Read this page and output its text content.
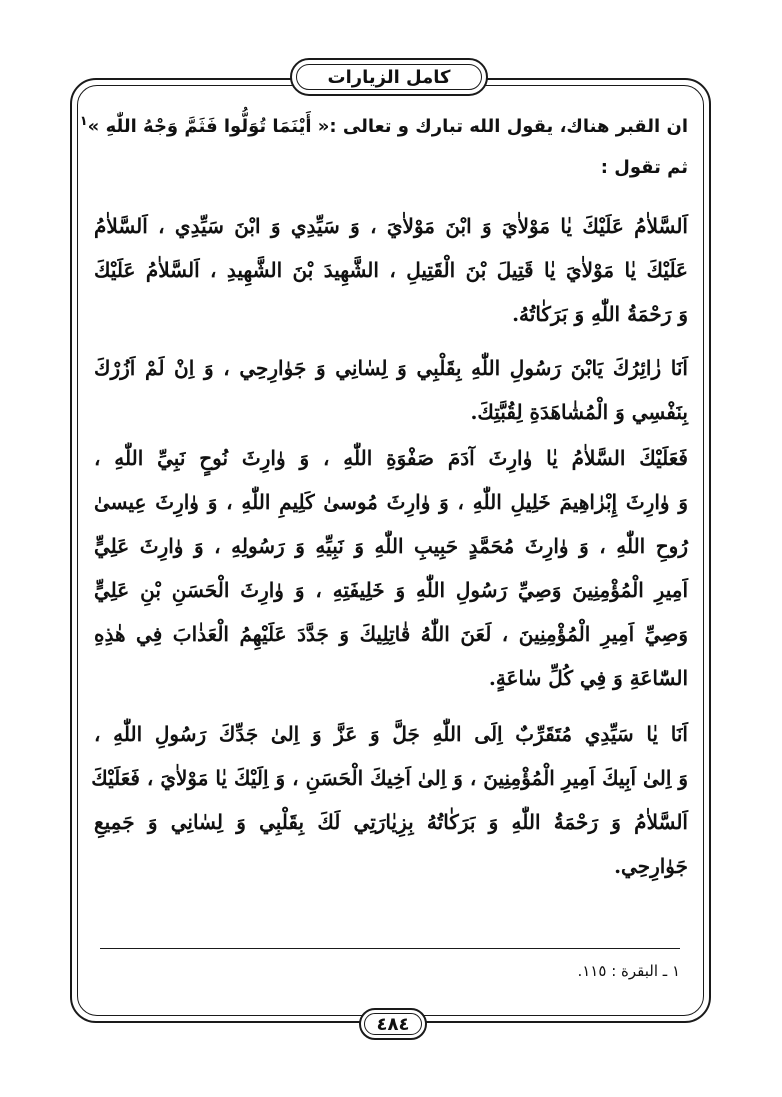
كامل الزيارات
ان القبر هناك، يقول الله تبارك و تعالى :« أَيْنَمَا تُوَلُّوا فَثَمَّ وَجْهُ اللّٰهِ »$^١$
ثم تقول :
اَلسَّلاٰمُ عَلَيْكَ يٰا مَوْلاٰيَ وَ ابْنَ مَوْلاٰيَ ، وَ سَيِّدِي وَ ابْنَ سَيِّدِي ، اَلسَّلاٰمُ
عَلَيْكَ يٰا مَوْلاٰيَ يٰا قَتِيلَ بْنَ الْقَتِيلِ ، الشَّهِيدَ بْنَ الشَّهِيدِ ، اَلسَّلاٰمُ عَلَيْكَ
وَ رَحْمَةُ اللّٰهِ وَ بَرَكٰاتُهُ.
اَنَا زٰائِرُكَ يَابْنَ رَسُولِ اللّٰهِ بِقَلْبِي وَ لِسٰانِي وَ جَوٰارِحِي ، وَ اِنْ لَمْ اَزُرْكَ
بِنَفْسِي وَ الْمُشٰاهَدَةِ لِقُبَّتِكَ.
فَعَلَيْكَ السَّلاٰمُ يٰا وٰارِثَ آدَمَ صَفْوَةِ اللّٰهِ ، وَ وٰارِثَ نُوحٍ نَبِيِّ اللّٰهِ ،
وَ وٰارِثَ إِبْرٰاهِيمَ خَلِيلِ اللّٰهِ ، وَ وٰارِثَ مُوسىٰ كَلِيمِ اللّٰهِ ، وَ وٰارِثَ عِيسىٰ
رُوحِ اللّٰهِ ، وَ وٰارِثَ مُحَمَّدٍ حَبِيبِ اللّٰهِ وَ نَبِيِّهِ وَ رَسُولِهِ ، وَ وٰارِثَ عَلِيٍّ
اَمِيرِ الْمُؤْمِنِينَ وَصِيِّ رَسُولِ اللّٰهِ وَ خَلِيفَتِهِ ، وَ وٰارِثَ الْحَسَنِ بْنِ عَلِيٍّ
وَصِيِّ اَمِيرِ الْمُؤْمِنِينَ ، لَعَنَ اللّٰهُ قٰاتِلِيكَ وَ جَدَّدَ عَلَيْهِمُ الْعَذٰابَ فِي هٰذِهِ
السّٰاعَةِ وَ فِي كُلِّ سٰاعَةٍ.
اَنَا يٰا سَيِّدِي مُتَقَرِّبٌ اِلَى اللّٰهِ جَلَّ وَ عَزَّ وَ اِلىٰ جَدِّكَ رَسُولِ اللّٰهِ ،
وَ اِلىٰ اَبِيكَ اَمِيرِ الْمُؤْمِنِينَ ، وَ اِلىٰ اَخِيكَ الْحَسَنِ ، وَ اِلَيْكَ يٰا مَوْلاٰيَ ، فَعَلَيْكَ
اَلسَّلاٰمُ وَ رَحْمَةُ اللّٰهِ وَ بَرَكٰاتُهُ بِزِيٰارَتِي لَكَ بِقَلْبِي وَ لِسٰانِي وَ جَمِيعِ
جَوٰارِحِي.
١ ـ البقرة : ١١٥.
٤٨٤
